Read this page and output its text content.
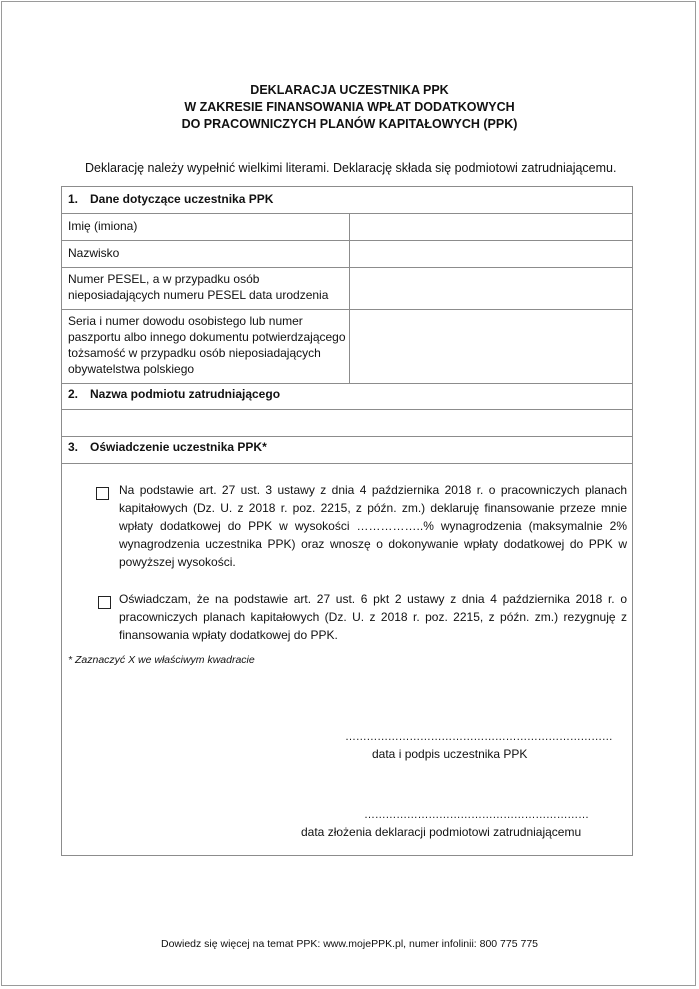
DEKLARACJA UCZESTNIKA PPK
W ZAKRESIE FINANSOWANIA WPŁAT DODATKOWYCH
DO PRACOWNICZYCH PLANÓW KAPITAŁOWYCH (PPK)
Deklarację należy wypełnić wielkimi literami. Deklarację składa się podmiotowi zatrudniającemu.
1. Dane dotyczące uczestnika PPK
Imię (imiona)
Nazwisko
Numer PESEL, a w przypadku osób nieposiadających numeru PESEL data urodzenia
Seria i numer dowodu osobistego lub numer paszportu albo innego dokumentu potwierdzającego tożsamość w przypadku osób nieposiadających obywatelstwa polskiego
2. Nazwa podmiotu zatrudniającego
3. Oświadczenie uczestnika PPK*
Na podstawie art. 27 ust. 3 ustawy z dnia 4 października 2018 r. o pracowniczych planach kapitałowych (Dz. U. z 2018 r. poz. 2215, z późn. zm.) deklaruję finansowanie przeze mnie wpłaty dodatkowej do PPK w wysokości ……………..% wynagrodzenia (maksymalnie 2% wynagrodzenia uczestnika PPK) oraz wnoszę o dokonywanie wpłaty dodatkowej do PPK w powyższej wysokości.
Oświadczam, że na podstawie art. 27 ust. 6 pkt 2 ustawy z dnia 4 października 2018 r. o pracowniczych planach kapitałowych (Dz. U. z 2018 r. poz. 2215, z późn. zm.) rezygnuję z finansowania wpłaty dodatkowej do PPK.
* Zaznaczyć X we właściwym kwadracie
…………………………………………………………………
data i podpis uczestnika PPK
………………………………………………………
data złożenia deklaracji podmiotowi zatrudniającemu
Dowiedz się więcej na temat PPK: www.mojePPK.pl, numer infolinii: 800 775 775
